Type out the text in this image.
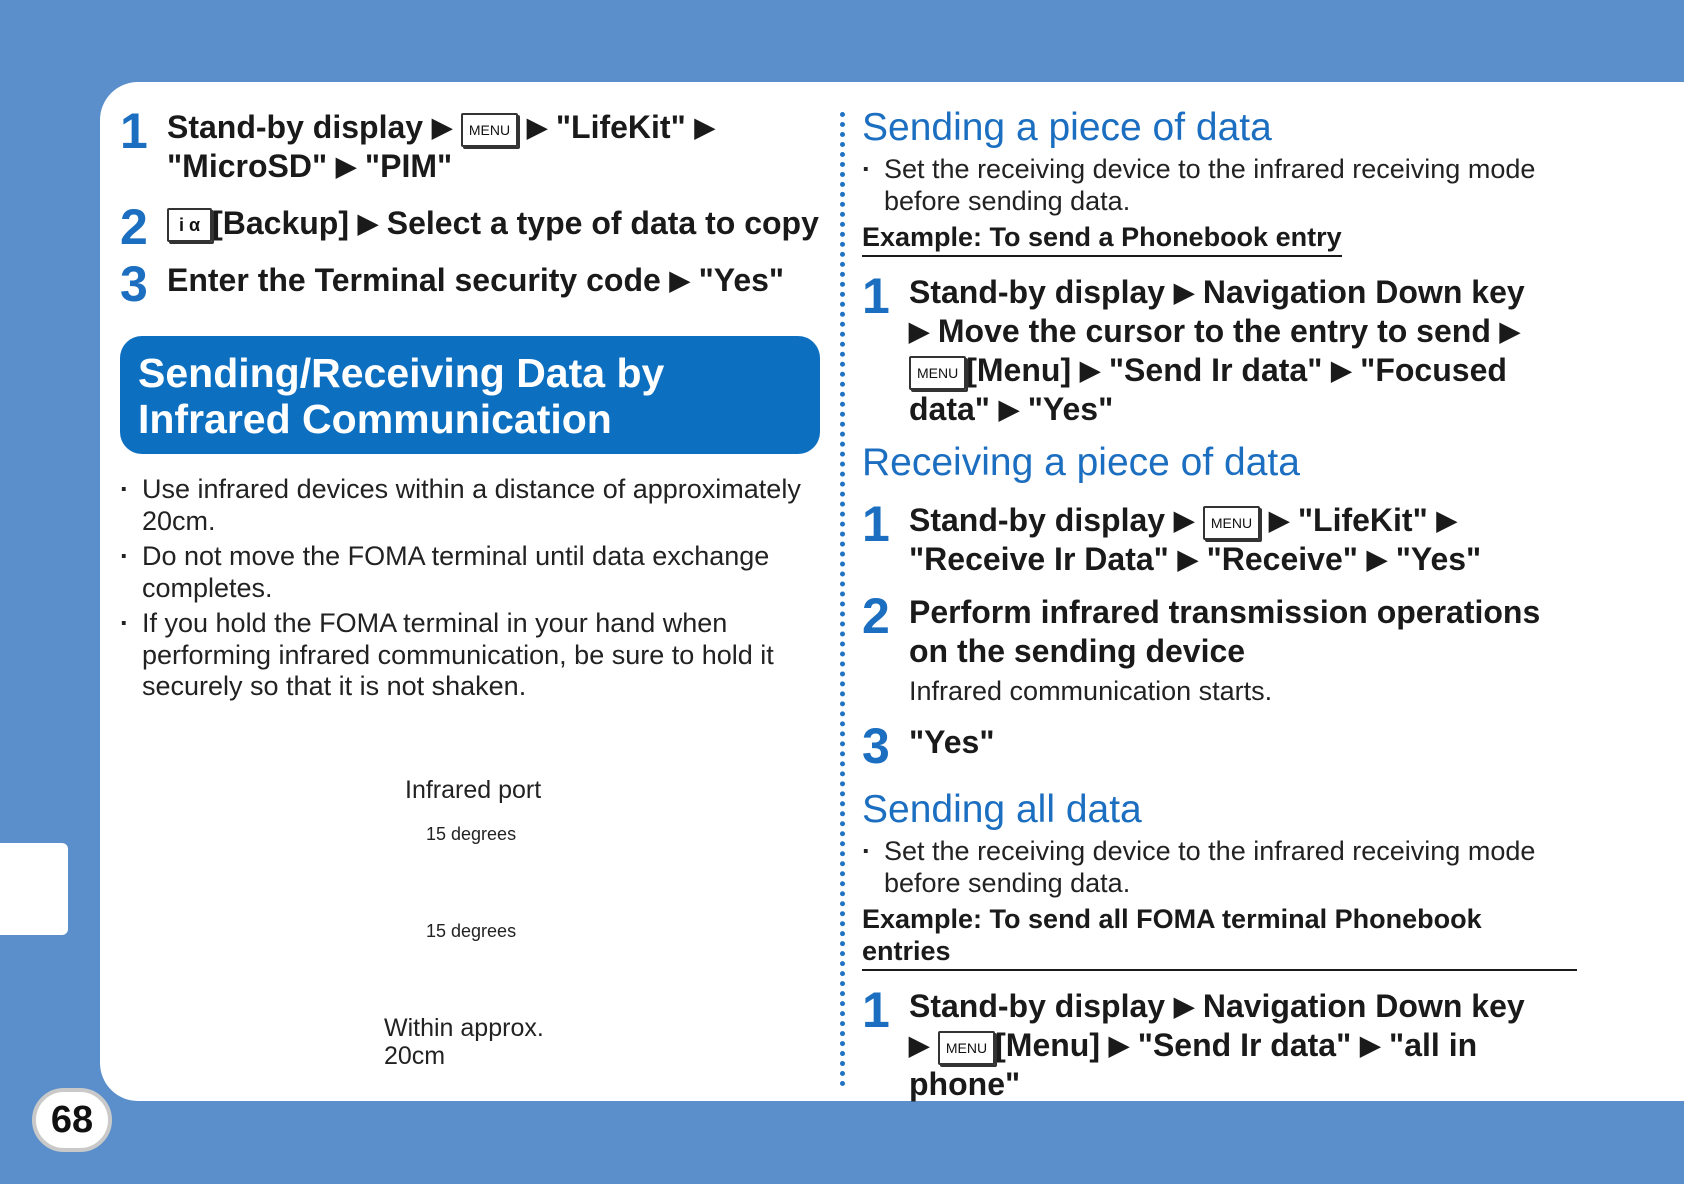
68
1 Stand-by display ▶ MENU ▶ "LifeKit" ▶
"MicroSD" ▶ "PIM"
2	i α [Backup] ▶ Select a type of data to copy
3 Enter the Terminal security code ▶ "Yes"
Sending/Receiving Data by
Infrared Communication
· Use infrared devices within a distance of approximately 20cm.
· Do not move the FOMA terminal until data exchange completes.
· If you hold the FOMA terminal in your hand when performing infrared communication, be sure to hold it securely so that it is not shaken.
Infrared port
15 degrees
15 degrees
Within approx.
20cm
Sending a piece of data
· Set the receiving device to the infrared receiving mode before sending data.
Example: To send a Phonebook entry
1 Stand-by display ▶ Navigation Down key
▶ Move the cursor to the entry to send ▶
MENU [Menu] ▶ "Send Ir data" ▶ "Focused data" ▶ "Yes"
Receiving a piece of data
1 Stand-by display ▶ MENU ▶ "LifeKit" ▶
"Receive Ir Data" ▶ "Receive" ▶ "Yes"
2 Perform infrared transmission operations on the sending device
Infrared communication starts.
3 "Yes"
Sending all data
· Set the receiving device to the infrared receiving mode before sending data.
Example: To send all FOMA terminal Phonebook entries
1 Stand-by display ▶ Navigation Down key
▶ MENU [Menu] ▶ "Send Ir data" ▶ "all in phone"
